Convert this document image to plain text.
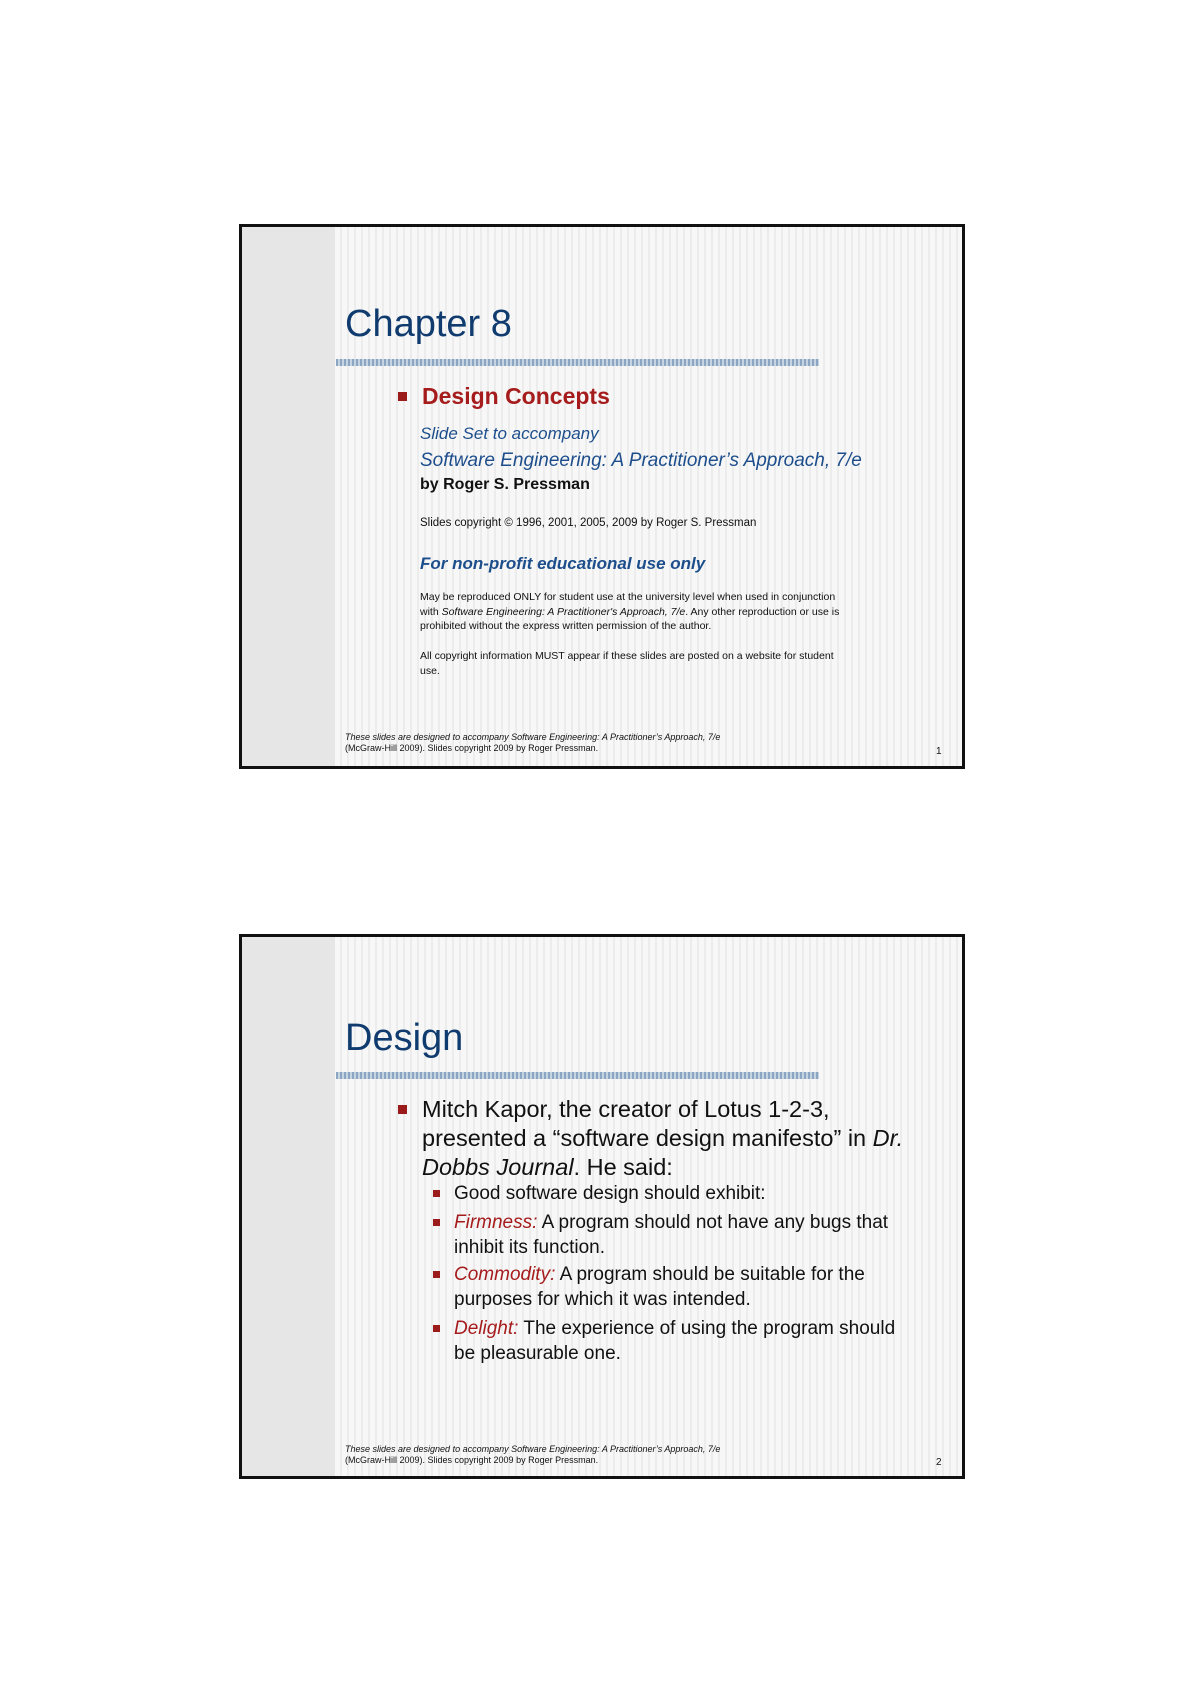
Chapter 8
Design Concepts
Slide Set to accompany
Software Engineering: A Practitioner’s Approach, 7/e
by Roger S. Pressman
Slides copyright © 1996, 2001, 2005, 2009 by Roger S. Pressman
For non-profit educational use only
May be reproduced ONLY for student use at the university level when used in conjunction
with Software Engineering: A Practitioner's Approach, 7/e. Any other reproduction or use is
prohibited without the express written permission of the author.
All copyright information MUST appear if these slides are posted on a website for student
use.
These slides are designed to accompany Software Engineering: A Practitioner’s Approach, 7/e
(McGraw-Hill 2009). Slides copyright 2009 by Roger Pressman.	1
Design
Mitch Kapor, the creator of Lotus 1-2-3,
presented a “software design manifesto” in Dr.
Dobbs Journal. He said:
Good software design should exhibit:
Firmness: A program should not have any bugs that
inhibit its function.
Commodity: A program should be suitable for the
purposes for which it was intended.
Delight: The experience of using the program should
be pleasurable one.
These slides are designed to accompany Software Engineering: A Practitioner’s Approach, 7/e
(McGraw-Hill 2009). Slides copyright 2009 by Roger Pressman.	2
